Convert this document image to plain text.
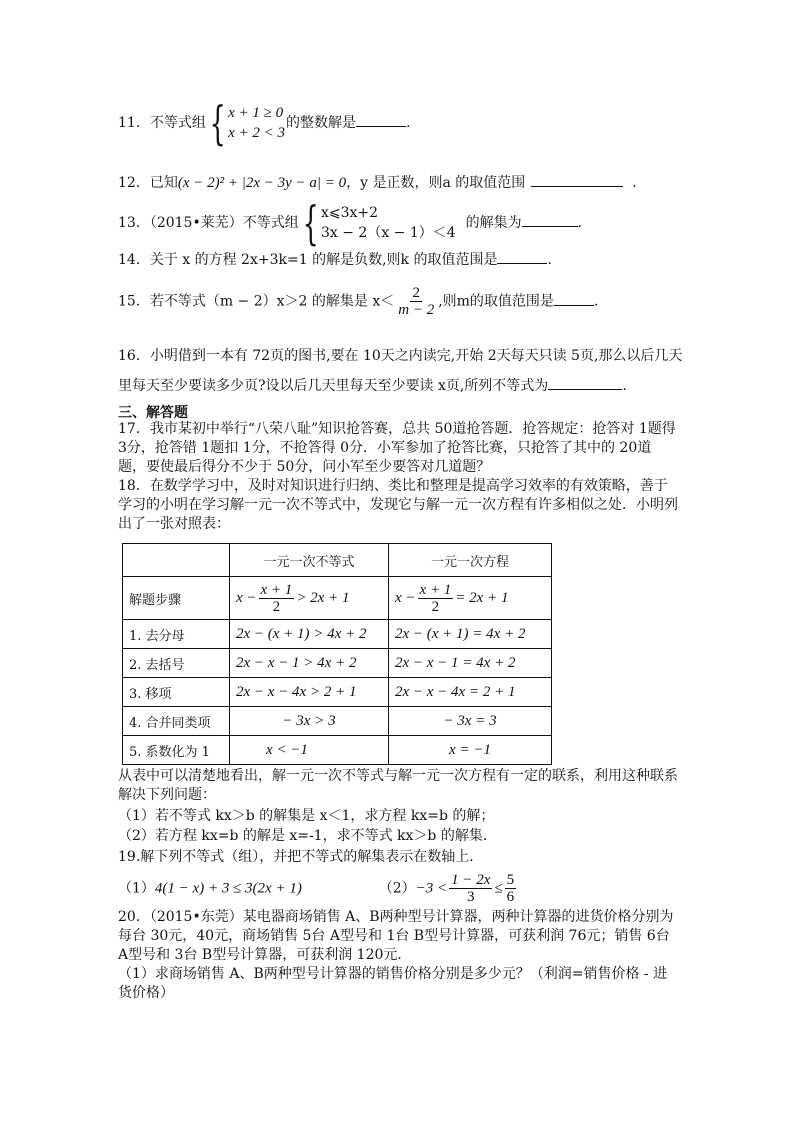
11．不等式组 { x + 1 ≥ 0
x + 2 < 3
的整数解是	.
12．已知(x − 2)² + |2x − 3y − a| = 0，y 是正数，则a 的取值范围	.
13．（2015•莱芜）不等式组 { x⩽3x+2
3x − 2（x − 1）＜4
的解集为	.
14．关于 x 的方程 2x+3k=1 的解是负数,则k 的取值范围是	.
15．若不等式（m − 2）x＞2 的解集是 $x< \frac{2}{m - 2}$ ,则m的取值范围是	.
16．小明借到一本有 72页的图书,要在 10天之内读完,开始 2天每天只读 5页,那么以后几天
里每天至少要读多少页?设以后几天里每天至少要读 x页,所列不等式为	.
三、解答题
17．我市某初中举行“八荣八耻”知识抢答赛，总共 50道抢答题．抢答规定：抢答对 1题得 3分，抢答错 1题扣 1分，不抢答得 0分．小军参加了抢答比赛，只抢答了其中的 20道题，要使最后得分不少于 50分，问小军至少要答对几道题？
18．在数学学习中，及时对知识进行归纳、类比和整理是提高学习效率的有效策略，善于学习的小明在学习解一元一次不等式中，发现它与解一元一次方程有许多相似之处．小明列出了一张对照表：
	一元一次不等式	一元一次方程
解题步骤	$x - \frac{x + 1}{2} > 2x + 1$	$x - \frac{x + 1}{2} = 2x + 1$
1. 去分母	2x − (x + 1) > 4x + 2	2x − (x + 1) = 4x + 2
2. 去括号	2x − x − 1 > 4x + 2	2x − x − 1 = 4x + 2
3. 移项	2x − x − 4x > 2 + 1	2x − x − 4x = 2 + 1
4. 合并同类项	− 3x > 3	− 3x = 3
5. 系数化为 1	x < −1	x = −1
从表中可以清楚地看出，解一元一次不等式与解一元一次方程有一定的联系，利用这种联系解决下列问题：
（1）若不等式 kx＞b 的解集是 x＜1，求方程 kx=b 的解；
（2）若方程 kx=b 的解是 x=-1，求不等式 kx＞b 的解集．
19.解下列不等式（组），并把不等式的解集表示在数轴上．
（1）4(1 − x) + 3 ≤ 3(2x + 1)	$(2)-3 < \frac{1 - 2x}{3} \le \frac{5}{6}$
20．（2015•东莞）某电器商场销售 A、B两种型号计算器，两种计算器的进货价格分别为每台 30元，40元，商场销售 5台 A型号和 1台 B型号计算器，可获利润 76元；销售 6台 A型号和 3台 B型号计算器，可获利润 120元．
（1）求商场销售 A、B两种型号计算器的销售价格分别是多少元？（利润=销售价格 - 进货价格）
